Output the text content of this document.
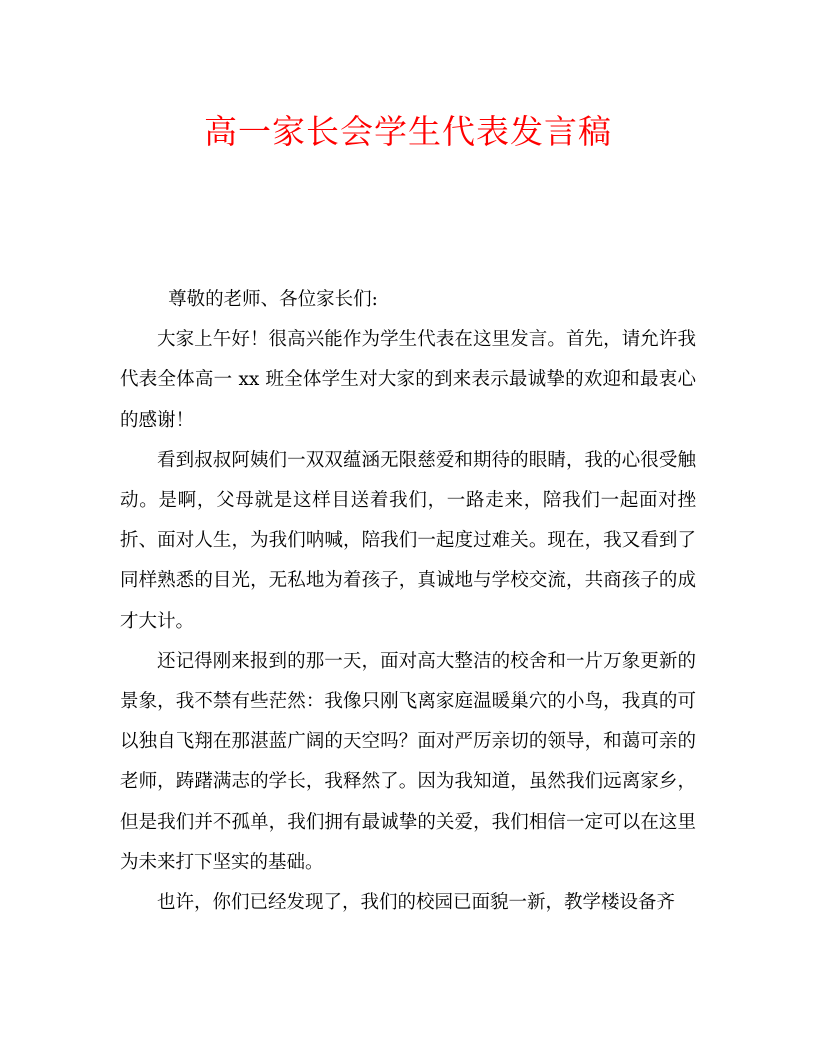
高一家长会学生代表发言稿

尊敬的老师、各位家长们:

大家上午好！很高兴能作为学生代表在这里发言。首先，请允许我代表全体高一 xx 班全体学生对大家的到来表示最诚挚的欢迎和最衷心的感谢！

看到叔叔阿姨们一双双蕴涵无限慈爱和期待的眼睛，我的心很受触动。是啊，父母就是这样目送着我们，一路走来，陪我们一起面对挫折、面对人生，为我们呐喊，陪我们一起度过难关。现在，我又看到了同样熟悉的目光，无私地为着孩子，真诚地与学校交流，共商孩子的成才大计。

还记得刚来报到的那一天，面对高大整洁的校舍和一片万象更新的景象，我不禁有些茫然：我像只刚飞离家庭温暖巢穴的小鸟，我真的可以独自飞翔在那湛蓝广阔的天空吗？面对严厉亲切的领导，和蔼可亲的老师，踌躇满志的学长，我释然了。因为我知道，虽然我们远离家乡，但是我们并不孤单，我们拥有最诚挚的关爱，我们相信一定可以在这里为未来打下坚实的基础。

也许，你们已经发现了，我们的校园已面貌一新，教学楼设备齐
